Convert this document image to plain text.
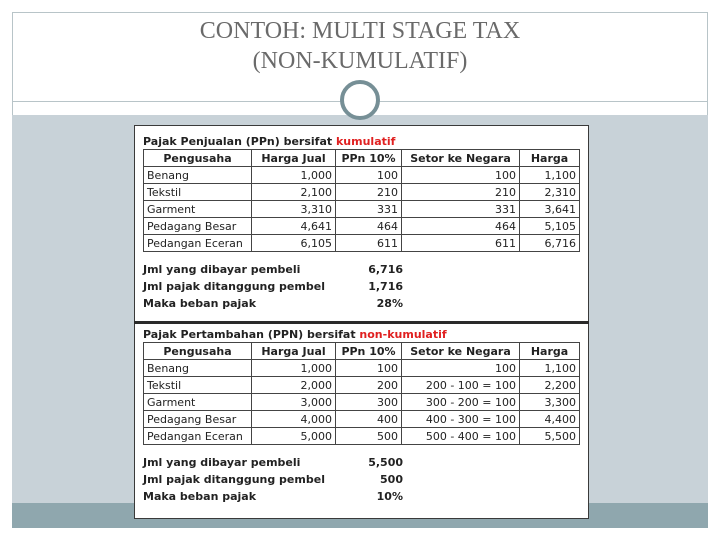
CONTOH: MULTI STAGE TAX
(NON-KUMULATIF)
Pajak Penjualan (PPn) bersifat kumulatif
Pengusaha	Harga Jual	PPn 10%	Setor ke Negara	Harga
Benang	1,000	100	100	1,100
Tekstil	2,100	210	210	2,310
Garment	3,310	331	331	3,641
Pedagang Besar	4,641	464	464	5,105
Pedangan Eceran	6,105	611	611	6,716
Jml yang dibayar pembeli	6,716
Jml pajak ditanggung pembel	1,716
Maka beban pajak	28%
Pajak Pertambahan (PPN) bersifat non-kumulatif
Pengusaha	Harga Jual	PPn 10%	Setor ke Negara	Harga
Benang	1,000	100	100	1,100
Tekstil	2,000	200	200 - 100 = 100	2,200
Garment	3,000	300	300 - 200 = 100	3,300
Pedagang Besar	4,000	400	400 - 300 = 100	4,400
Pedangan Eceran	5,000	500	500 - 400 = 100	5,500
Jml yang dibayar pembeli	5,500
Jml pajak ditanggung pembel	500
Maka beban pajak	10%
